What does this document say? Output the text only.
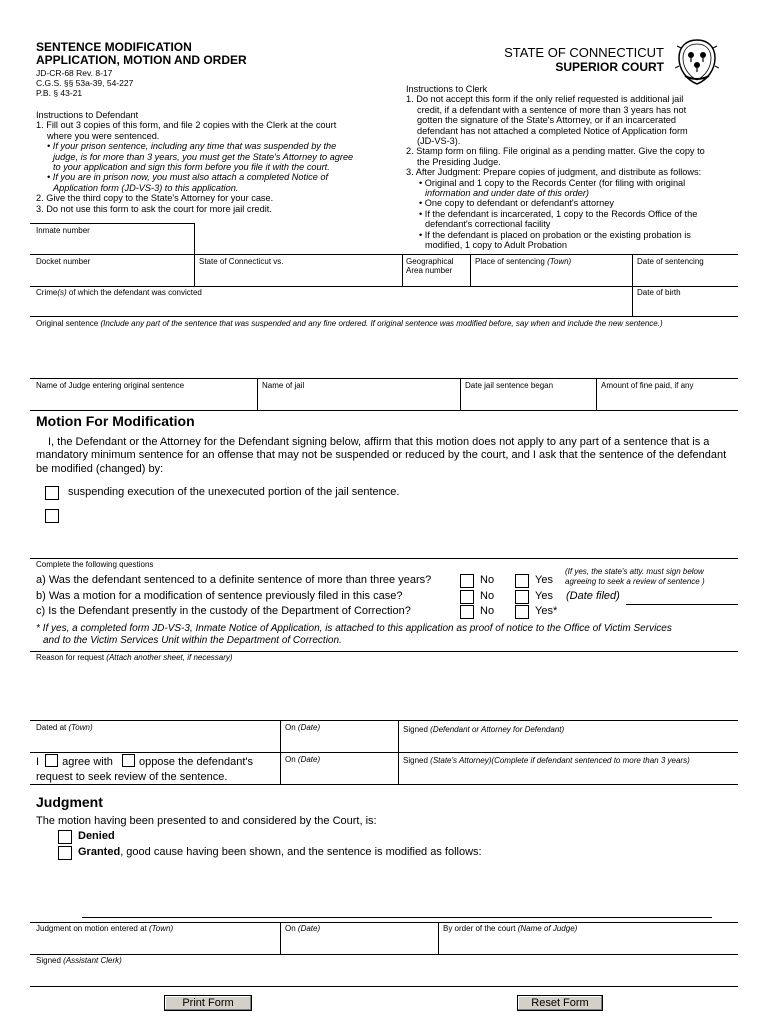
SENTENCE MODIFICATION
APPLICATION, MOTION AND ORDER
JD-CR-68 Rev. 8-17
C.G.S. §§ 53a-39, 54-227
P.B. § 43-21
STATE OF CONNECTICUT
SUPERIOR COURT
Instructions to Defendant
1. Fill out 3 copies of this form, and file 2 copies with the Clerk at the court
where you were sentenced.
• If your prison sentence, including any time that was suspended by the
judge, is for more than 3 years, you must get the State's Attorney to agree
to your application and sign this form before you file it with the court.
• If you are in prison now, you must also attach a completed Notice of
Application form (JD-VS-3) to this application.
2. Give the third copy to the State's Attorney for your case.
3. Do not use this form to ask the court for more jail credit.
Instructions to Clerk
1. Do not accept this form if the only relief requested is additional jail
credit, if a defendant with a sentence of more than 3 years has not
gotten the signature of the State's Attorney, or if an incarcerated
defendant has not attached a completed Notice of Application form
(JD-VS-3).
2. Stamp form on filing. File original as a pending matter. Give the copy to
the Presiding Judge.
3. After Judgment: Prepare copies of judgment, and distribute as follows:
• Original and 1 copy to the Records Center (for filing with original
information and under date of this order)
• One copy to defendant or defendant's attorney
• If the defendant is incarcerated, 1 copy to the Records Office of the
defendant's correctional facility
• If the defendant is placed on probation or the existing probation is
modified, 1 copy to Adult Probation
Inmate number
Docket number	State of Connecticut vs.	Geographical Area number
Place of sentencing (Town)	Date of sentencing
Crime(s) of which the defendant was convicted	Date of birth
Original sentence (Include any part of the sentence that was suspended and any fine ordered. If original sentence was modified before, say when and include the new sentence.)
Name of Judge entering original sentence	Name of jail	Date jail sentence began	Amount of fine paid, if any
Motion For Modification
I, the Defendant or the Attorney for the Defendant signing below, affirm that this motion does not apply to any part of a sentence that is a mandatory minimum sentence for an offense that may not be suspended or reduced by the court, and I ask that the sentence of the defendant be modified (changed) by:
suspending execution of the unexecuted portion of the jail sentence.
Complete the following questions
a) Was the defendant sentenced to a definite sentence of more than three years?	No	Yes
(If yes, the state's atty. must sign below
agreeing to seek a review of sentence )
b) Was a motion for a modification of sentence previously filed in this case?	No	Yes (Date filed)
c) Is the Defendant presently in the custody of the Department of Correction?	No	Yes*
* If yes, a completed form JD-VS-3, Inmate Notice of Application, is attached to this application as proof of notice to the Office of Victim Services
and to the Victim Services Unit within the Department of Correction.
Reason for request (Attach another sheet, if necessary)
Dated at (Town)	On (Date)	Signed (Defendant or Attorney for Defendant)
I agree with oppose the defendant's
request to seek review of the sentence.
On (Date)	Signed (State's Attorney)(Complete if defendant sentenced to more than 3 years)
Judgment
The motion having been presented to and considered by the Court, is:
Denied
Granted, good cause having been shown, and the sentence is modified as follows:
Judgment on motion entered at (Town)	On (Date)	By order of the court (Name of Judge)
Signed (Assistant Clerk)
Print Form	Reset Form
